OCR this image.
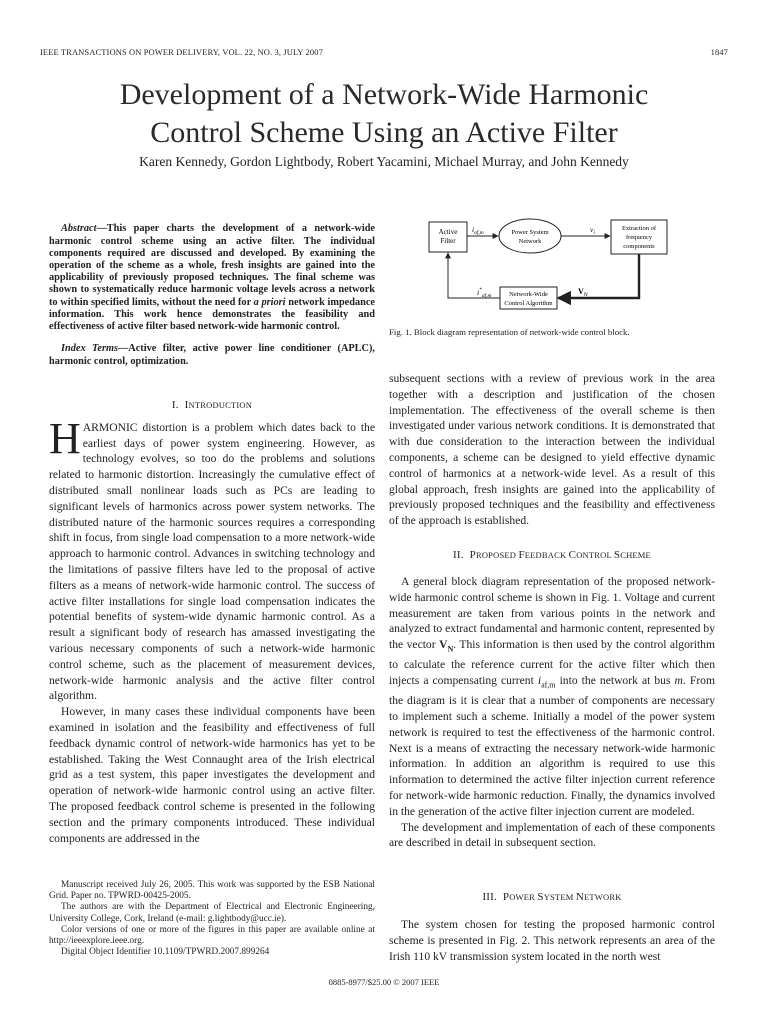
IEEE TRANSACTIONS ON POWER DELIVERY, VOL. 22, NO. 3, JULY 2007	1847
Development of a Network-Wide Harmonic
Control Scheme Using an Active Filter
Karen Kennedy, Gordon Lightbody, Robert Yacamini, Michael Murray, and John Kennedy

Abstract—This paper charts the development of a network-wide harmonic control scheme using an active filter. The individual components required are discussed and developed. By examining the operation of the scheme as a whole, fresh insights are gained into the applicability of previously proposed techniques. The final scheme was shown to systematically reduce harmonic voltage levels across a network to within specified limits, without the need for a priori network impedance information. This work hence demonstrates the feasibility and effectiveness of active filter based network-wide harmonic control.

Index Terms—Active filter, active power line conditioner (APLC), harmonic control, optimization.

I. INTRODUCTION

HARMONIC distortion is a problem which dates back to the earliest days of power system engineering. However, as technology evolves, so too do the problems and solutions related to harmonic distortion. Increasingly the cumulative effect of distributed small nonlinear loads such as PCs are leading to significant levels of harmonics across power system networks. The distributed nature of the harmonic sources requires a corresponding shift in focus, from single load compensation to a more network-wide approach to harmonic control. Advances in switching technology and the limitations of passive filters have led to the proposal of active filters as a means of network-wide harmonic control. The success of active filter installations for single load compensation indicates the potential benefits of system-wide dynamic harmonic control. As a result a significant body of research has amassed investigating the various necessary components of such a network-wide harmonic control scheme, such as the placement of measurement devices, network-wide harmonic analysis and the active filter control algorithm.

However, in many cases these individual components have been examined in isolation and the feasibility and effectiveness of full feedback dynamic control of network-wide harmonics has yet to be established. Taking the West Connaught area of the Irish electrical grid as a test system, this paper investigates the development and operation of network-wide harmonic control using an active filter. The proposed feedback control scheme is presented in the following section and the primary components introduced. These individual components are addressed in the

Manuscript received July 26, 2005. This work was supported by the ESB National Grid. Paper no. TPWRD-00425-2005.

The authors are with the Department of Electrical and Electronic Engineering, University College, Cork, Ireland (e-mail: g.lightbody@ucc.ie).

Color versions of one or more of the figures in this paper are available online at http://ieeexplore.ieee.org.

Digital Object Identifier 10.1109/TPWRD.2007.899264

Active
Filter
Power System
Network
Extraction of
frequency
components
Network-Wide
Control Algorithm
$i_{af,m}$	$v_i$
$i^*_{af,m}$	$V_N$
Fig. 1. Block diagram representation of network-wide control block.

subsequent sections with a review of previous work in the area together with a description and justification of the chosen implementation. The effectiveness of the overall scheme is then investigated under various network conditions. It is demonstrated that with due consideration to the interaction between the individual components, a scheme can be designed to yield effective dynamic control of harmonics at a network-wide level. As a result of this global approach, fresh insights are gained into the applicability of previously proposed techniques and the feasibility and effectiveness of the approach is established.

II. PROPOSED FEEDBACK CONTROL SCHEME

A general block diagram representation of the proposed network-wide harmonic control scheme is shown in Fig. 1. Voltage and current measurement are taken from various points in the network and analyzed to extract fundamental and harmonic content, represented by the vector $V_N$. This information is then used by the control algorithm to calculate the reference current for the active filter which then injects a compensating current $i_{af,m}$ into the network at bus m. From the diagram is it is clear that a number of components are necessary to implement such a scheme. Initially a model of the power system network is required to test the effectiveness of the harmonic control. Next is a means of extracting the necessary network-wide harmonic information. In addition an algorithm is required to use this information to determined the active filter injection current reference for network-wide harmonic reduction. Finally, the dynamics involved in the generation of the active filter injection current are modeled.

The development and implementation of each of these components are described in detail in subsequent section.

III. POWER SYSTEM NETWORK

The system chosen for testing the proposed harmonic control scheme is presented in Fig. 2. This network represents an area of the Irish 110 kV transmission system located in the north west

0885-8977/$25.00 © 2007 IEEE
